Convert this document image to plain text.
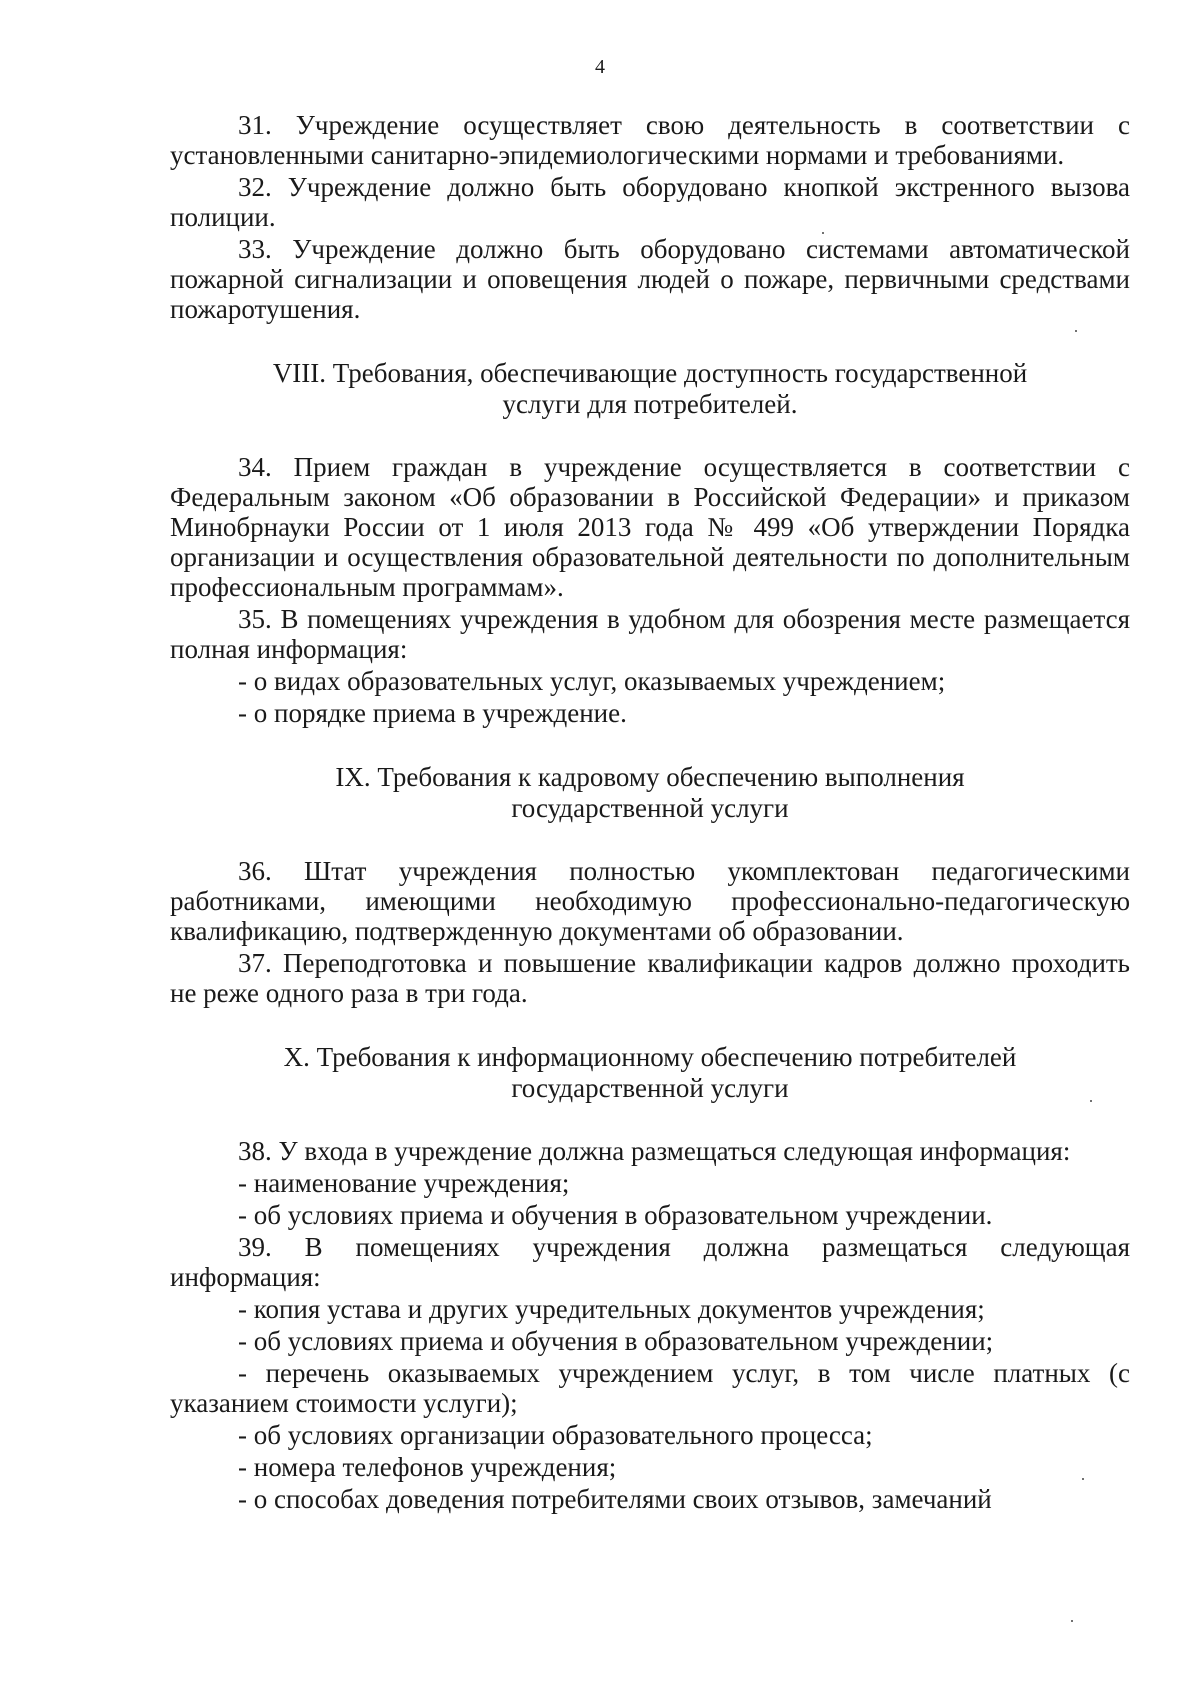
4

31. Учреждение осуществляет свою деятельность в соответствии с установленными санитарно-эпидемиологическими нормами и требованиями.

32. Учреждение должно быть оборудовано кнопкой экстренного вызова полиции.

33. Учреждение должно быть оборудовано системами автоматической пожарной сигнализации и оповещения людей о пожаре, первичными средствами пожаротушения.

VIII. Требования, обеспечивающие доступность государственной
услуги для потребителей.

34. Прием граждан в учреждение осуществляется в соответствии с Федеральным законом «Об образовании в Российской Федерации» и приказом Минобрнауки России от 1 июля 2013 года № 499 «Об утверждении Порядка организации и осуществления образовательной деятельности по дополнительным профессиональным программам».

35. В помещениях учреждения в удобном для обозрения месте размещается полная информация:

- о видах образовательных услуг, оказываемых учреждением;

- о порядке приема в учреждение.

IX. Требования к кадровому обеспечению выполнения
государственной услуги

36. Штат учреждения полностью укомплектован педагогическими работниками, имеющими необходимую профессионально-педагогическую квалификацию, подтвержденную документами об образовании.

37. Переподготовка и повышение квалификации кадров должно проходить не реже одного раза в три года.

X. Требования к информационному обеспечению потребителей
государственной услуги

38. У входа в учреждение должна размещаться следующая информация:

- наименование учреждения;

- об условиях приема и обучения в образовательном учреждении.

39. В помещениях учреждения должна размещаться следующая информация:

- копия устава и других учредительных документов учреждения;

- об условиях приема и обучения в образовательном учреждении;

- перечень оказываемых учреждением услуг, в том числе платных (с указанием стоимости услуги);

- об условиях организации образовательного процесса;

- номера телефонов учреждения;

- о способах доведения потребителями своих отзывов, замечаний
